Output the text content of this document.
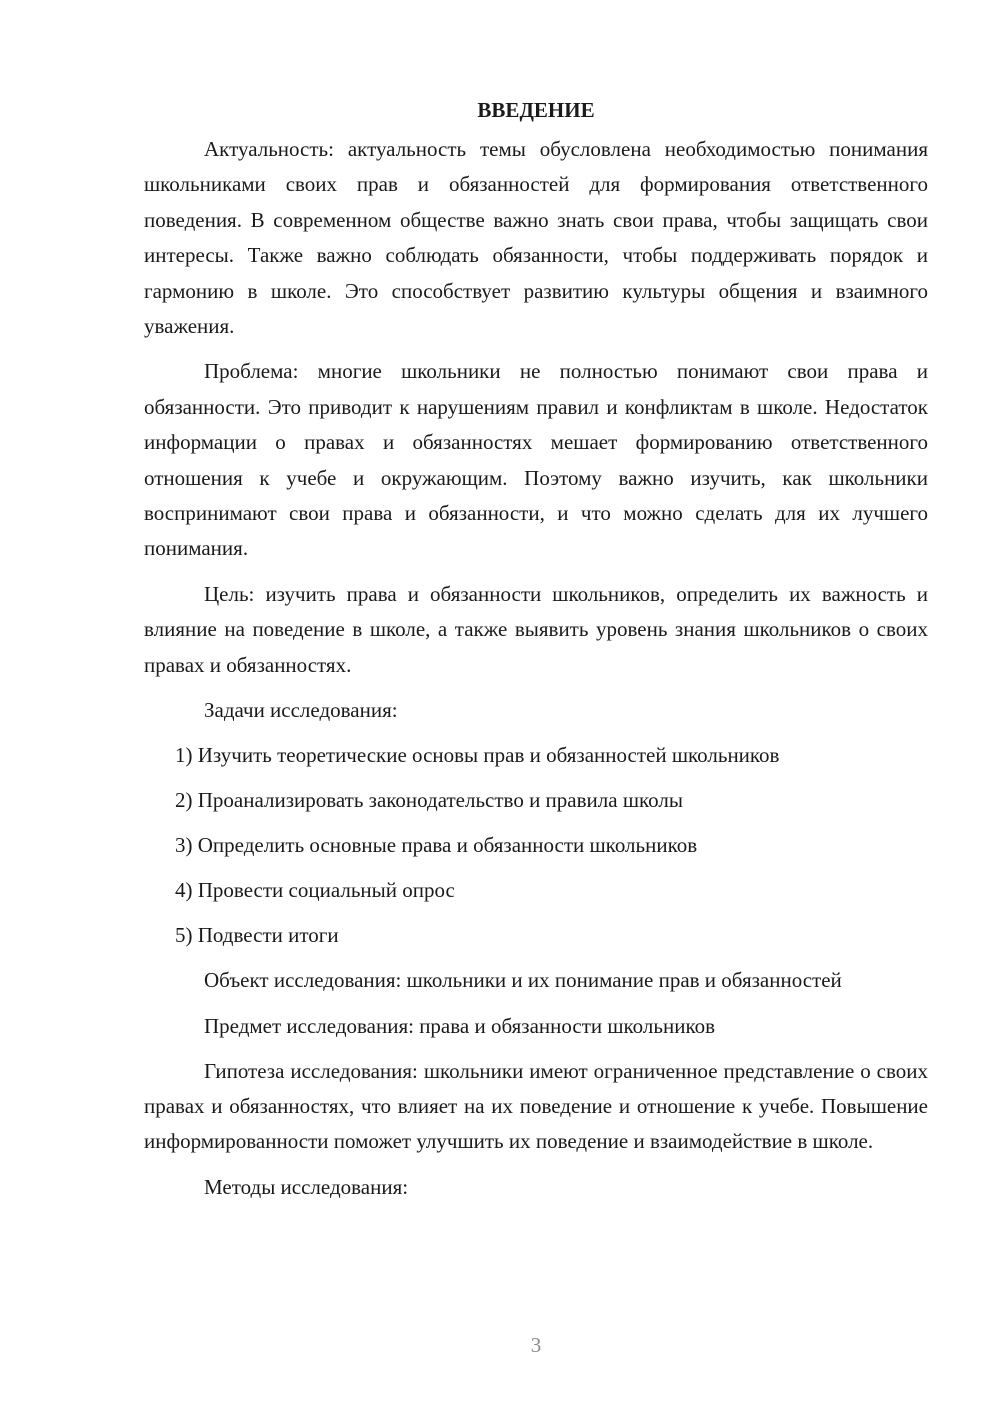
ВВЕДЕНИЕ

Актуальность: актуальность темы обусловлена необходимостью понимания школьниками своих прав и обязанностей для формирования ответственного поведения. В современном обществе важно знать свои права, чтобы защищать свои интересы. Также важно соблюдать обязанности, чтобы поддерживать порядок и гармонию в школе. Это способствует развитию культуры общения и взаимного уважения.

Проблема: многие школьники не полностью понимают свои права и обязанности. Это приводит к нарушениям правил и конфликтам в школе. Недостаток информации о правах и обязанностях мешает формированию ответственного отношения к учебе и окружающим. Поэтому важно изучить, как школьники воспринимают свои права и обязанности, и что можно сделать для их лучшего понимания.

Цель: изучить права и обязанности школьников, определить их важность и влияние на поведение в школе, а также выявить уровень знания школьников о своих правах и обязанностях.

Задачи исследования:

1) Изучить теоретические основы прав и обязанностей школьников
2) Проанализировать законодательство и правила школы
3) Определить основные права и обязанности школьников
4) Провести социальный опрос
5) Подвести итоги

Объект исследования: школьники и их понимание прав и обязанностей

Предмет исследования: права и обязанности школьников

Гипотеза исследования: школьники имеют ограниченное представление о своих правах и обязанностях, что влияет на их поведение и отношение к учебе. Повышение информированности поможет улучшить их поведение и взаимодействие в школе.

Методы исследования:

3
